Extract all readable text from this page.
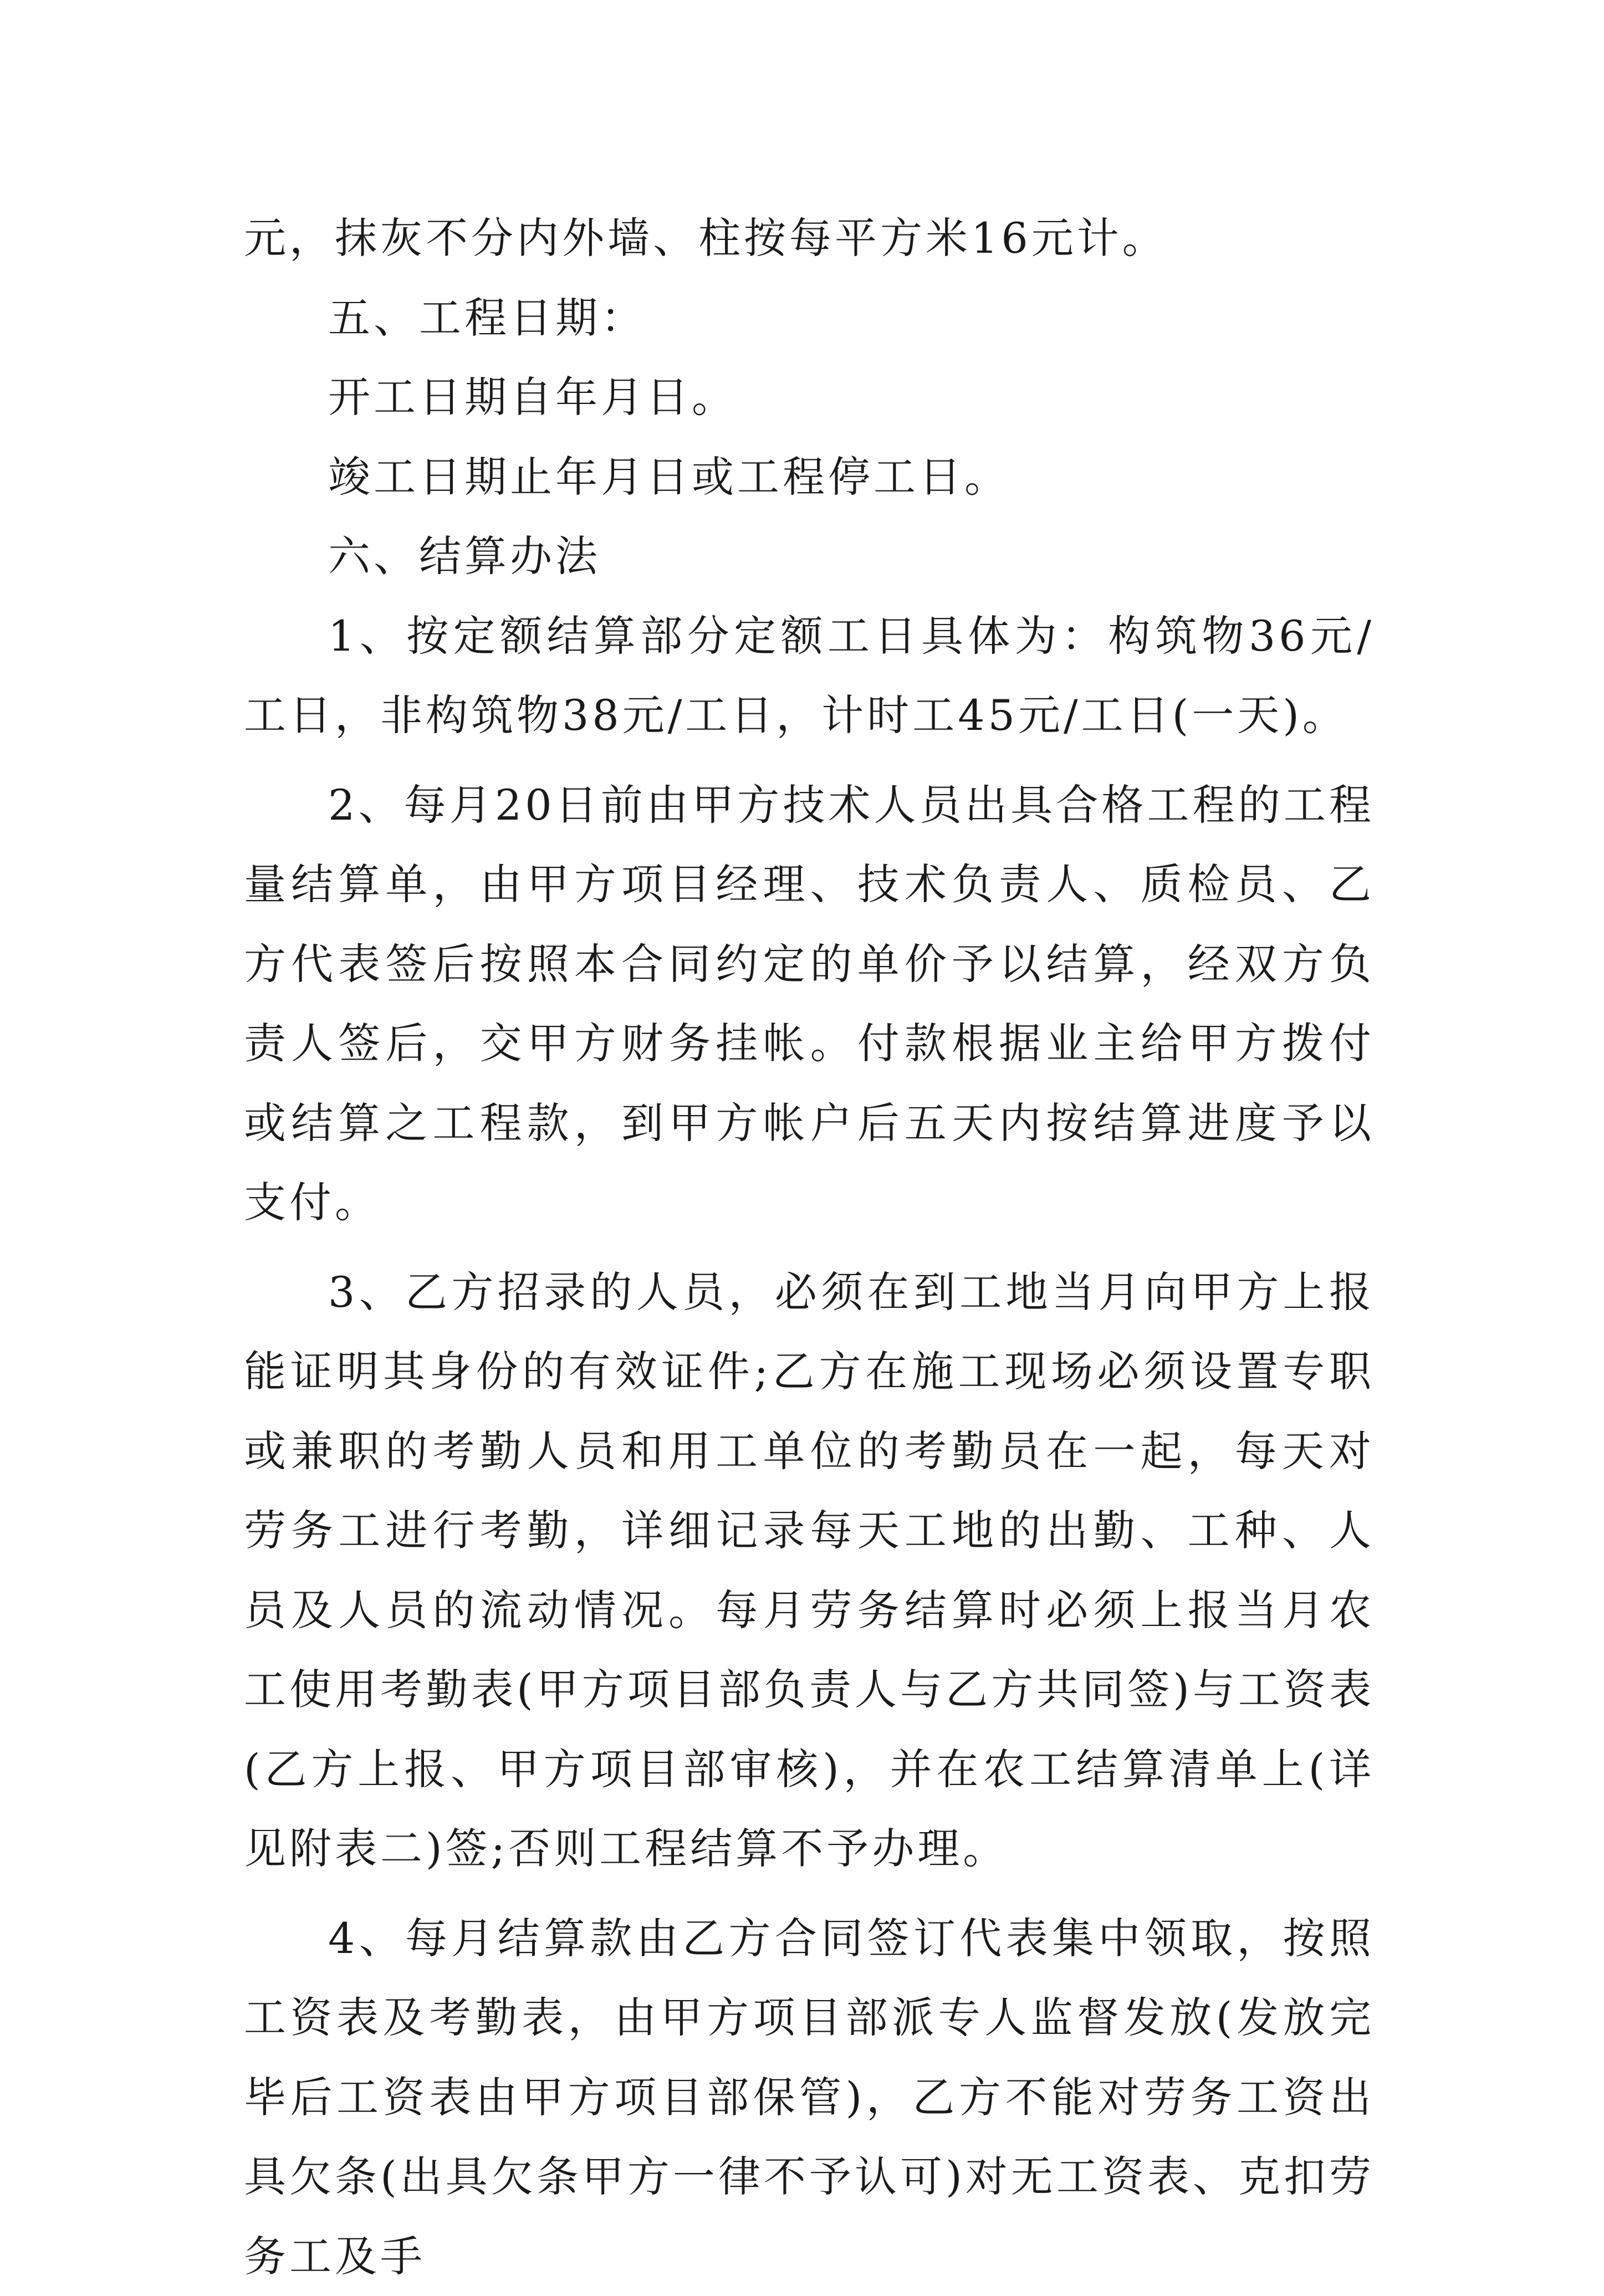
元，抹灰不分内外墙、柱按每平方米16元计。

五、工程日期：

开工日期自年月日。

竣工日期止年月日或工程停工日。

六、结算办法

1、按定额结算部分定额工日具体为：构筑物36元/工日，非构筑物38元/工日，计时工45元/工日(一天)。

2、每月20日前由甲方技术人员出具合格工程的工程量结算单，由甲方项目经理、技术负责人、质检员、乙方代表签后按照本合同约定的单价予以结算，经双方负责人签后，交甲方财务挂帐。付款根据业主给甲方拨付或结算之工程款，到甲方帐户后五天内按结算进度予以支付。

3、乙方招录的人员，必须在到工地当月向甲方上报能证明其身份的有效证件;乙方在施工现场必须设置专职或兼职的考勤人员和用工单位的考勤员在一起，每天对劳务工进行考勤，详细记录每天工地的出勤、工种、人员及人员的流动情况。每月劳务结算时必须上报当月农工使用考勤表(甲方项目部负责人与乙方共同签)与工资表(乙方上报、甲方项目部审核)，并在农工结算清单上(详见附表二)签;否则工程结算不予办理。

4、每月结算款由乙方合同签订代表集中领取，按照工资表及考勤表，由甲方项目部派专人监督发放(发放完毕后工资表由甲方项目部保管)，乙方不能对劳务工资出具欠条(出具欠条甲方一律不予认可)对无工资表、克扣劳务工及手
